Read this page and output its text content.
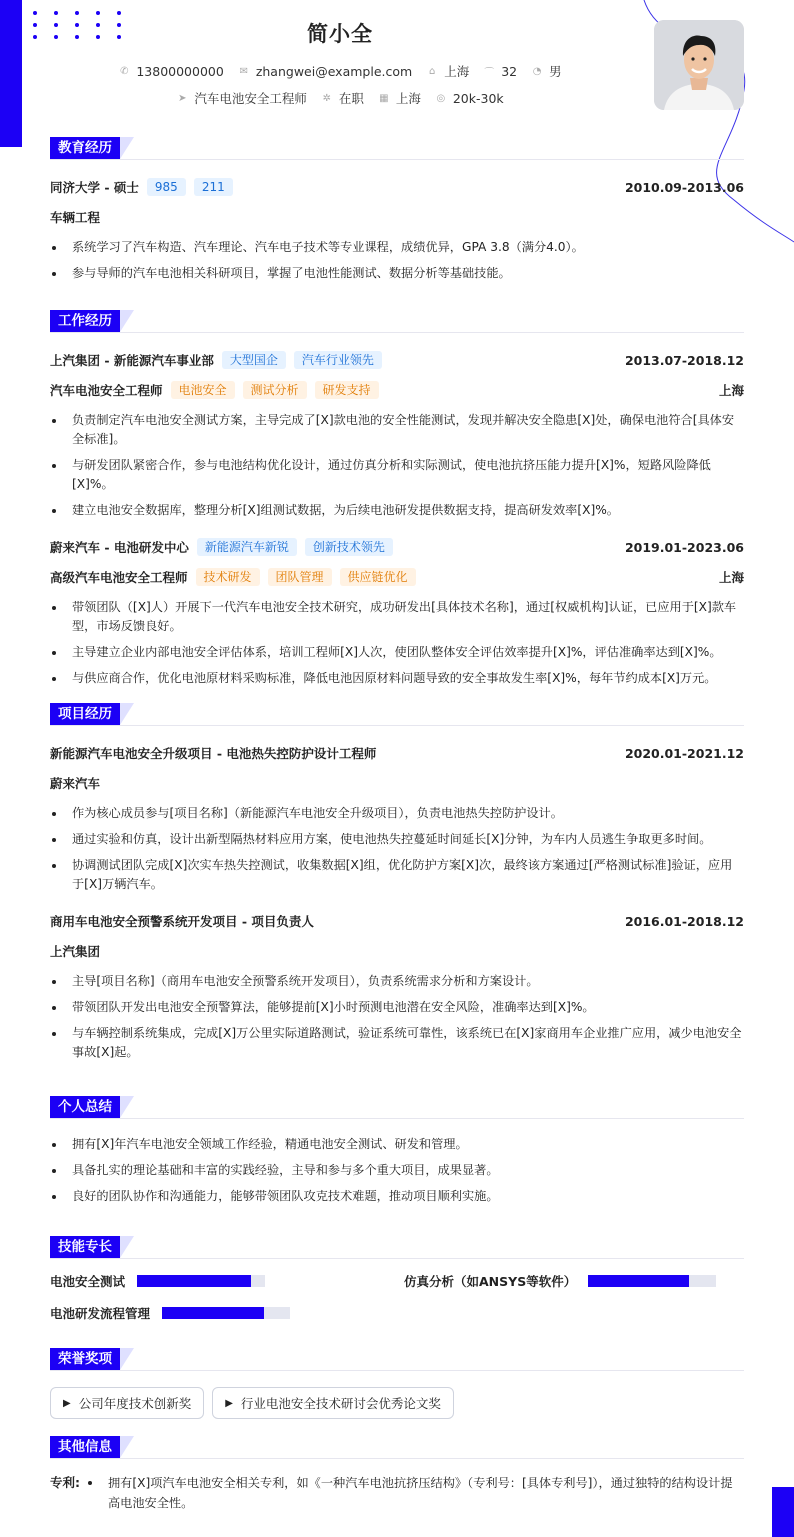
简小全
✆ 13800000000 ✉ zhangwei@example.com ⌂ 上海 ⌒ 32 ◔ 男
➤ 汽车电池安全工程师 ✲ 在职 ▦ 上海 ◎ 20k-30k
教育经历
同济大学 - 硕士	985	211	2010.09-2013.06
车辆工程
系统学习了汽车构造、汽车理论、汽车电子技术等专业课程，成绩优异，GPA 3.8（满分4.0）。
参与导师的汽车电池相关科研项目，掌握了电池性能测试、数据分析等基础技能。
工作经历
上汽集团 - 新能源汽车事业部	大型国企	汽车行业领先	2013.07-2018.12
汽车电池安全工程师	电池安全	测试分析	研发支持	上海
负责制定汽车电池安全测试方案，主导完成了[X]款电池的安全性能测试，发现并解决安全隐患[X]处，确保电池符合[具体安全标准]。
与研发团队紧密合作，参与电池结构优化设计，通过仿真分析和实际测试，使电池抗挤压能力提升[X]%，短路风险降低[X]%。
建立电池安全数据库，整理分析[X]组测试数据，为后续电池研发提供数据支持，提高研发效率[X]%。
蔚来汽车 - 电池研发中心	新能源汽车新锐	创新技术领先	2019.01-2023.06
高级汽车电池安全工程师	技术研发	团队管理	供应链优化	上海
带领团队（[X]人）开展下一代汽车电池安全技术研究，成功研发出[具体技术名称]，通过[权威机构]认证，已应用于[X]款车型，市场反馈良好。
主导建立企业内部电池安全评估体系，培训工程师[X]人次，使团队整体安全评估效率提升[X]%，评估准确率达到[X]%。
与供应商合作，优化电池原材料采购标准，降低电池因原材料问题导致的安全事故发生率[X]%，每年节约成本[X]万元。
项目经历
新能源汽车电池安全升级项目 - 电池热失控防护设计工程师	2020.01-2021.12
蔚来汽车
作为核心成员参与[项目名称]（新能源汽车电池安全升级项目），负责电池热失控防护设计。
通过实验和仿真，设计出新型隔热材料应用方案，使电池热失控蔓延时间延长[X]分钟，为车内人员逃生争取更多时间。
协调测试团队完成[X]次实车热失控测试，收集数据[X]组，优化防护方案[X]次，最终该方案通过[严格测试标准]验证，应用于[X]万辆汽车。
商用车电池安全预警系统开发项目 - 项目负责人	2016.01-2018.12
上汽集团
主导[项目名称]（商用车电池安全预警系统开发项目），负责系统需求分析和方案设计。
带领团队开发出电池安全预警算法，能够提前[X]小时预测电池潜在安全风险，准确率达到[X]%。
与车辆控制系统集成，完成[X]万公里实际道路测试，验证系统可靠性，该系统已在[X]家商用车企业推广应用，减少电池安全事故[X]起。
个人总结
拥有[X]年汽车电池安全领域工作经验，精通电池安全测试、研发和管理。
具备扎实的理论基础和丰富的实践经验，主导和参与多个重大项目，成果显著。
良好的团队协作和沟通能力，能够带领团队攻克技术难题，推动项目顺利实施。
技能专长
电池安全测试	仿真分析（如ANSYS等软件）
电池研发流程管理
荣誉奖项
▶ 公司年度技术创新奖	▶ 行业电池安全技术研讨会优秀论文奖
其他信息
专利:	拥有[X]项汽车电池安全相关专利，如《一种汽车电池抗挤压结构》（专利号：[具体专利号]），通过独特的结构设计提高电池安全性。
